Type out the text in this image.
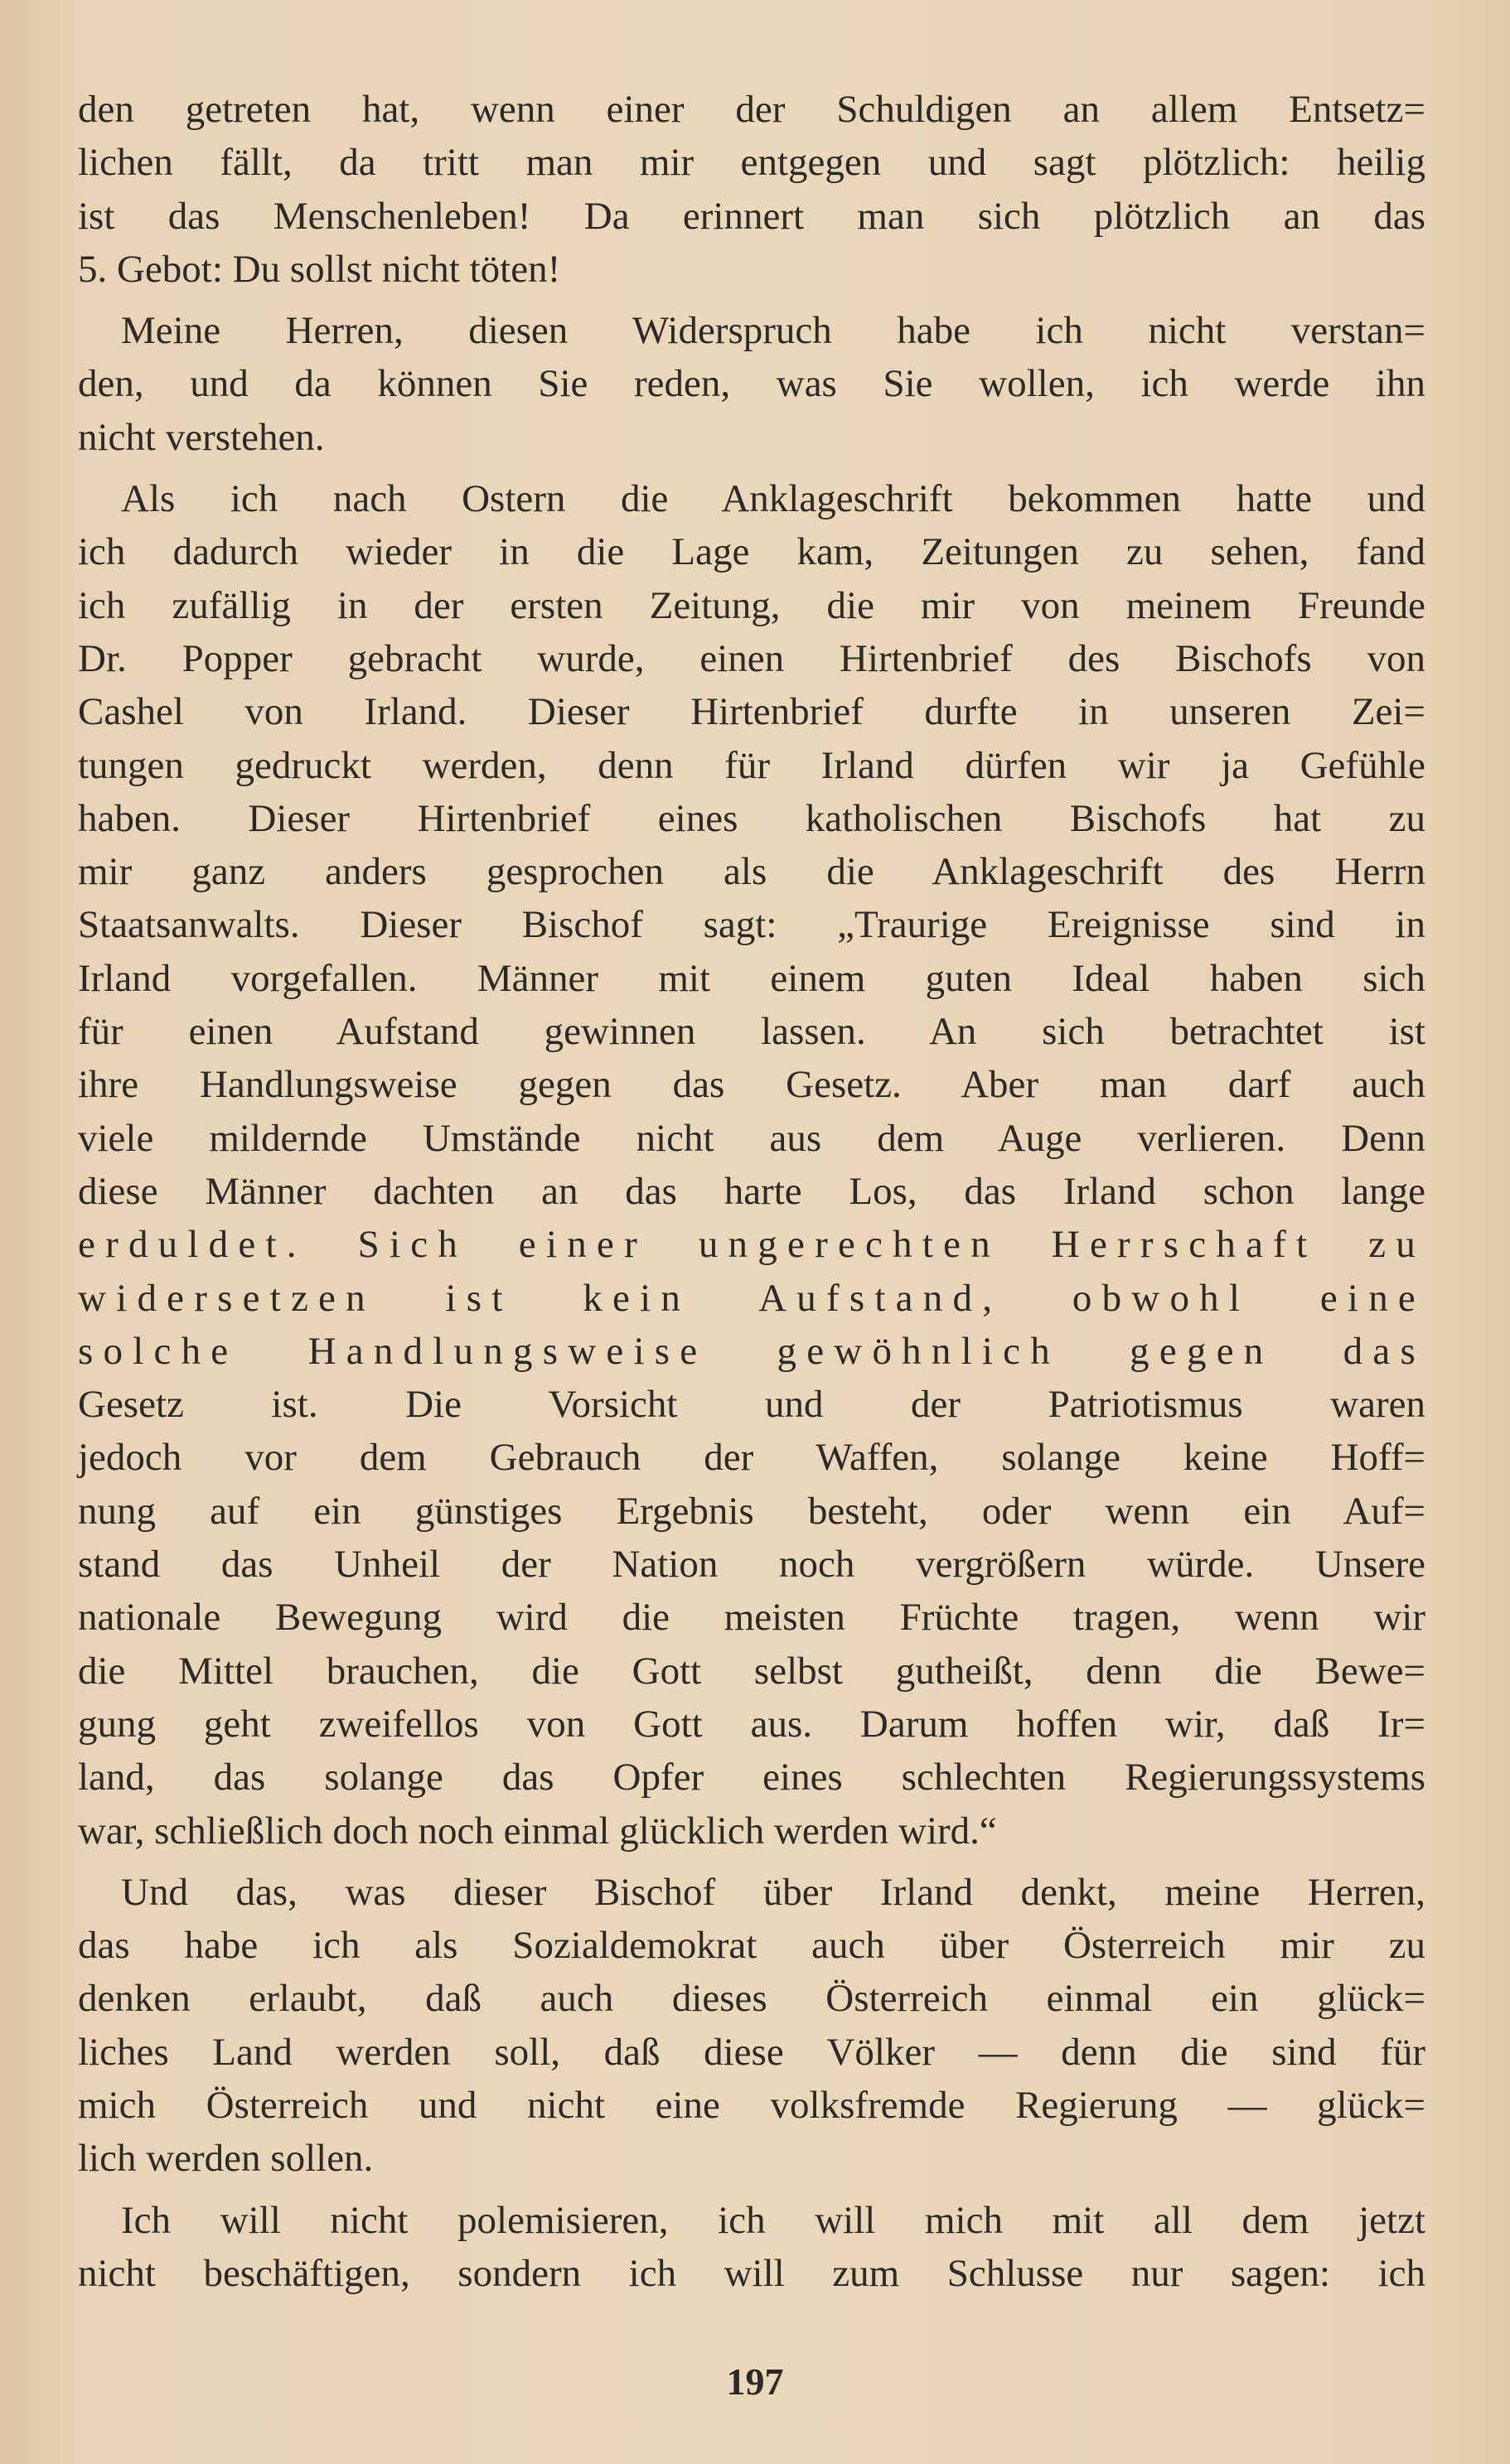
den getreten hat, wenn einer der Schuldigen an allem Entsetz=
lichen fällt, da tritt man mir entgegen und sagt plötzlich: heilig
ist das Menschenleben! Da erinnert man sich plötzlich an das
5. Gebot: Du sollst nicht töten!
Meine Herren, diesen Widerspruch habe ich nicht verstan=
den, und da können Sie reden, was Sie wollen, ich werde ihn
nicht verstehen.
Als ich nach Ostern die Anklageschrift bekommen hatte und
ich dadurch wieder in die Lage kam, Zeitungen zu sehen, fand
ich zufällig in der ersten Zeitung, die mir von meinem Freunde
Dr. Popper gebracht wurde, einen Hirtenbrief des Bischofs von
Cashel von Irland. Dieser Hirtenbrief durfte in unseren Zei=
tungen gedruckt werden, denn für Irland dürfen wir ja Gefühle
haben. Dieser Hirtenbrief eines katholischen Bischofs hat zu
mir ganz anders gesprochen als die Anklageschrift des Herrn
Staatsanwalts. Dieser Bischof sagt: „Traurige Ereignisse sind in
Irland vorgefallen. Männer mit einem guten Ideal haben sich
für einen Aufstand gewinnen lassen. An sich betrachtet ist
ihre Handlungsweise gegen das Gesetz. Aber man darf auch
viele mildernde Umstände nicht aus dem Auge verlieren. Denn
diese Männer dachten an das harte Los, das Irland schon lange
erduldet. Sich einer ungerechten Herrschaft zu
widersetzen ist kein Aufstand, obwohl eine
solche Handlungsweise gewöhnlich gegen das
Gesetz ist. Die Vorsicht und der Patriotismus waren
jedoch vor dem Gebrauch der Waffen, solange keine Hoff=
nung auf ein günstiges Ergebnis besteht, oder wenn ein Auf=
stand das Unheil der Nation noch vergrößern würde. Unsere
nationale Bewegung wird die meisten Früchte tragen, wenn wir
die Mittel brauchen, die Gott selbst gutheißt, denn die Bewe=
gung geht zweifellos von Gott aus. Darum hoffen wir, daß Ir=
land, das solange das Opfer eines schlechten Regierungssystems
war, schließlich doch noch einmal glücklich werden wird.“
Und das, was dieser Bischof über Irland denkt, meine Herren,
das habe ich als Sozialdemokrat auch über Österreich mir zu
denken erlaubt, daß auch dieses Österreich einmal ein glück=
liches Land werden soll, daß diese Völker — denn die sind für
mich Österreich und nicht eine volksfremde Regierung — glück=
lich werden sollen.
Ich will nicht polemisieren, ich will mich mit all dem jetzt
nicht beschäftigen, sondern ich will zum Schlusse nur sagen: ich
197
